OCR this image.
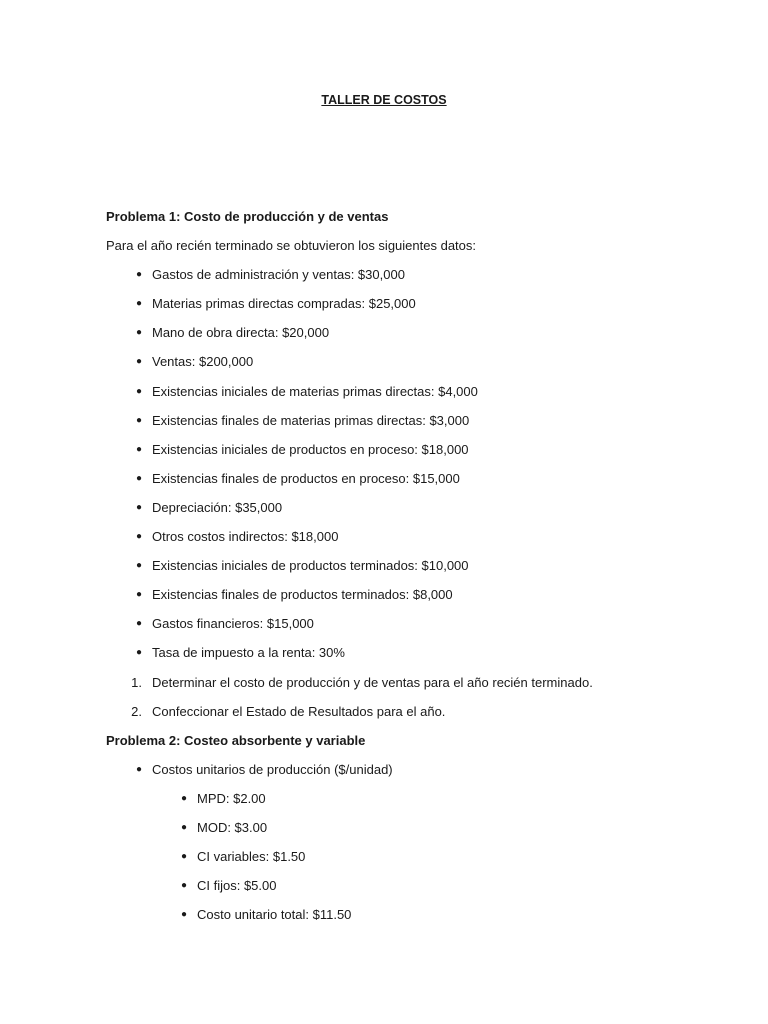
TALLER DE COSTOS
Problema 1: Costo de producción y de ventas
Para el año recién terminado se obtuvieron los siguientes datos:
● Gastos de administración y ventas: $30,000
● Materias primas directas compradas: $25,000
● Mano de obra directa: $20,000
● Ventas: $200,000
● Existencias iniciales de materias primas directas: $4,000
● Existencias finales de materias primas directas: $3,000
● Existencias iniciales de productos en proceso: $18,000
● Existencias finales de productos en proceso: $15,000
● Depreciación: $35,000
● Otros costos indirectos: $18,000
● Existencias iniciales de productos terminados: $10,000
● Existencias finales de productos terminados: $8,000
● Gastos financieros: $15,000
● Tasa de impuesto a la renta: 30%
1. Determinar el costo de producción y de ventas para el año recién terminado.
2. Confeccionar el Estado de Resultados para el año.
Problema 2: Costeo absorbente y variable
● Costos unitarios de producción ($/unidad)
● MPD: $2.00
● MOD: $3.00
● CI variables: $1.50
● CI fijos: $5.00
● Costo unitario total: $11.50
